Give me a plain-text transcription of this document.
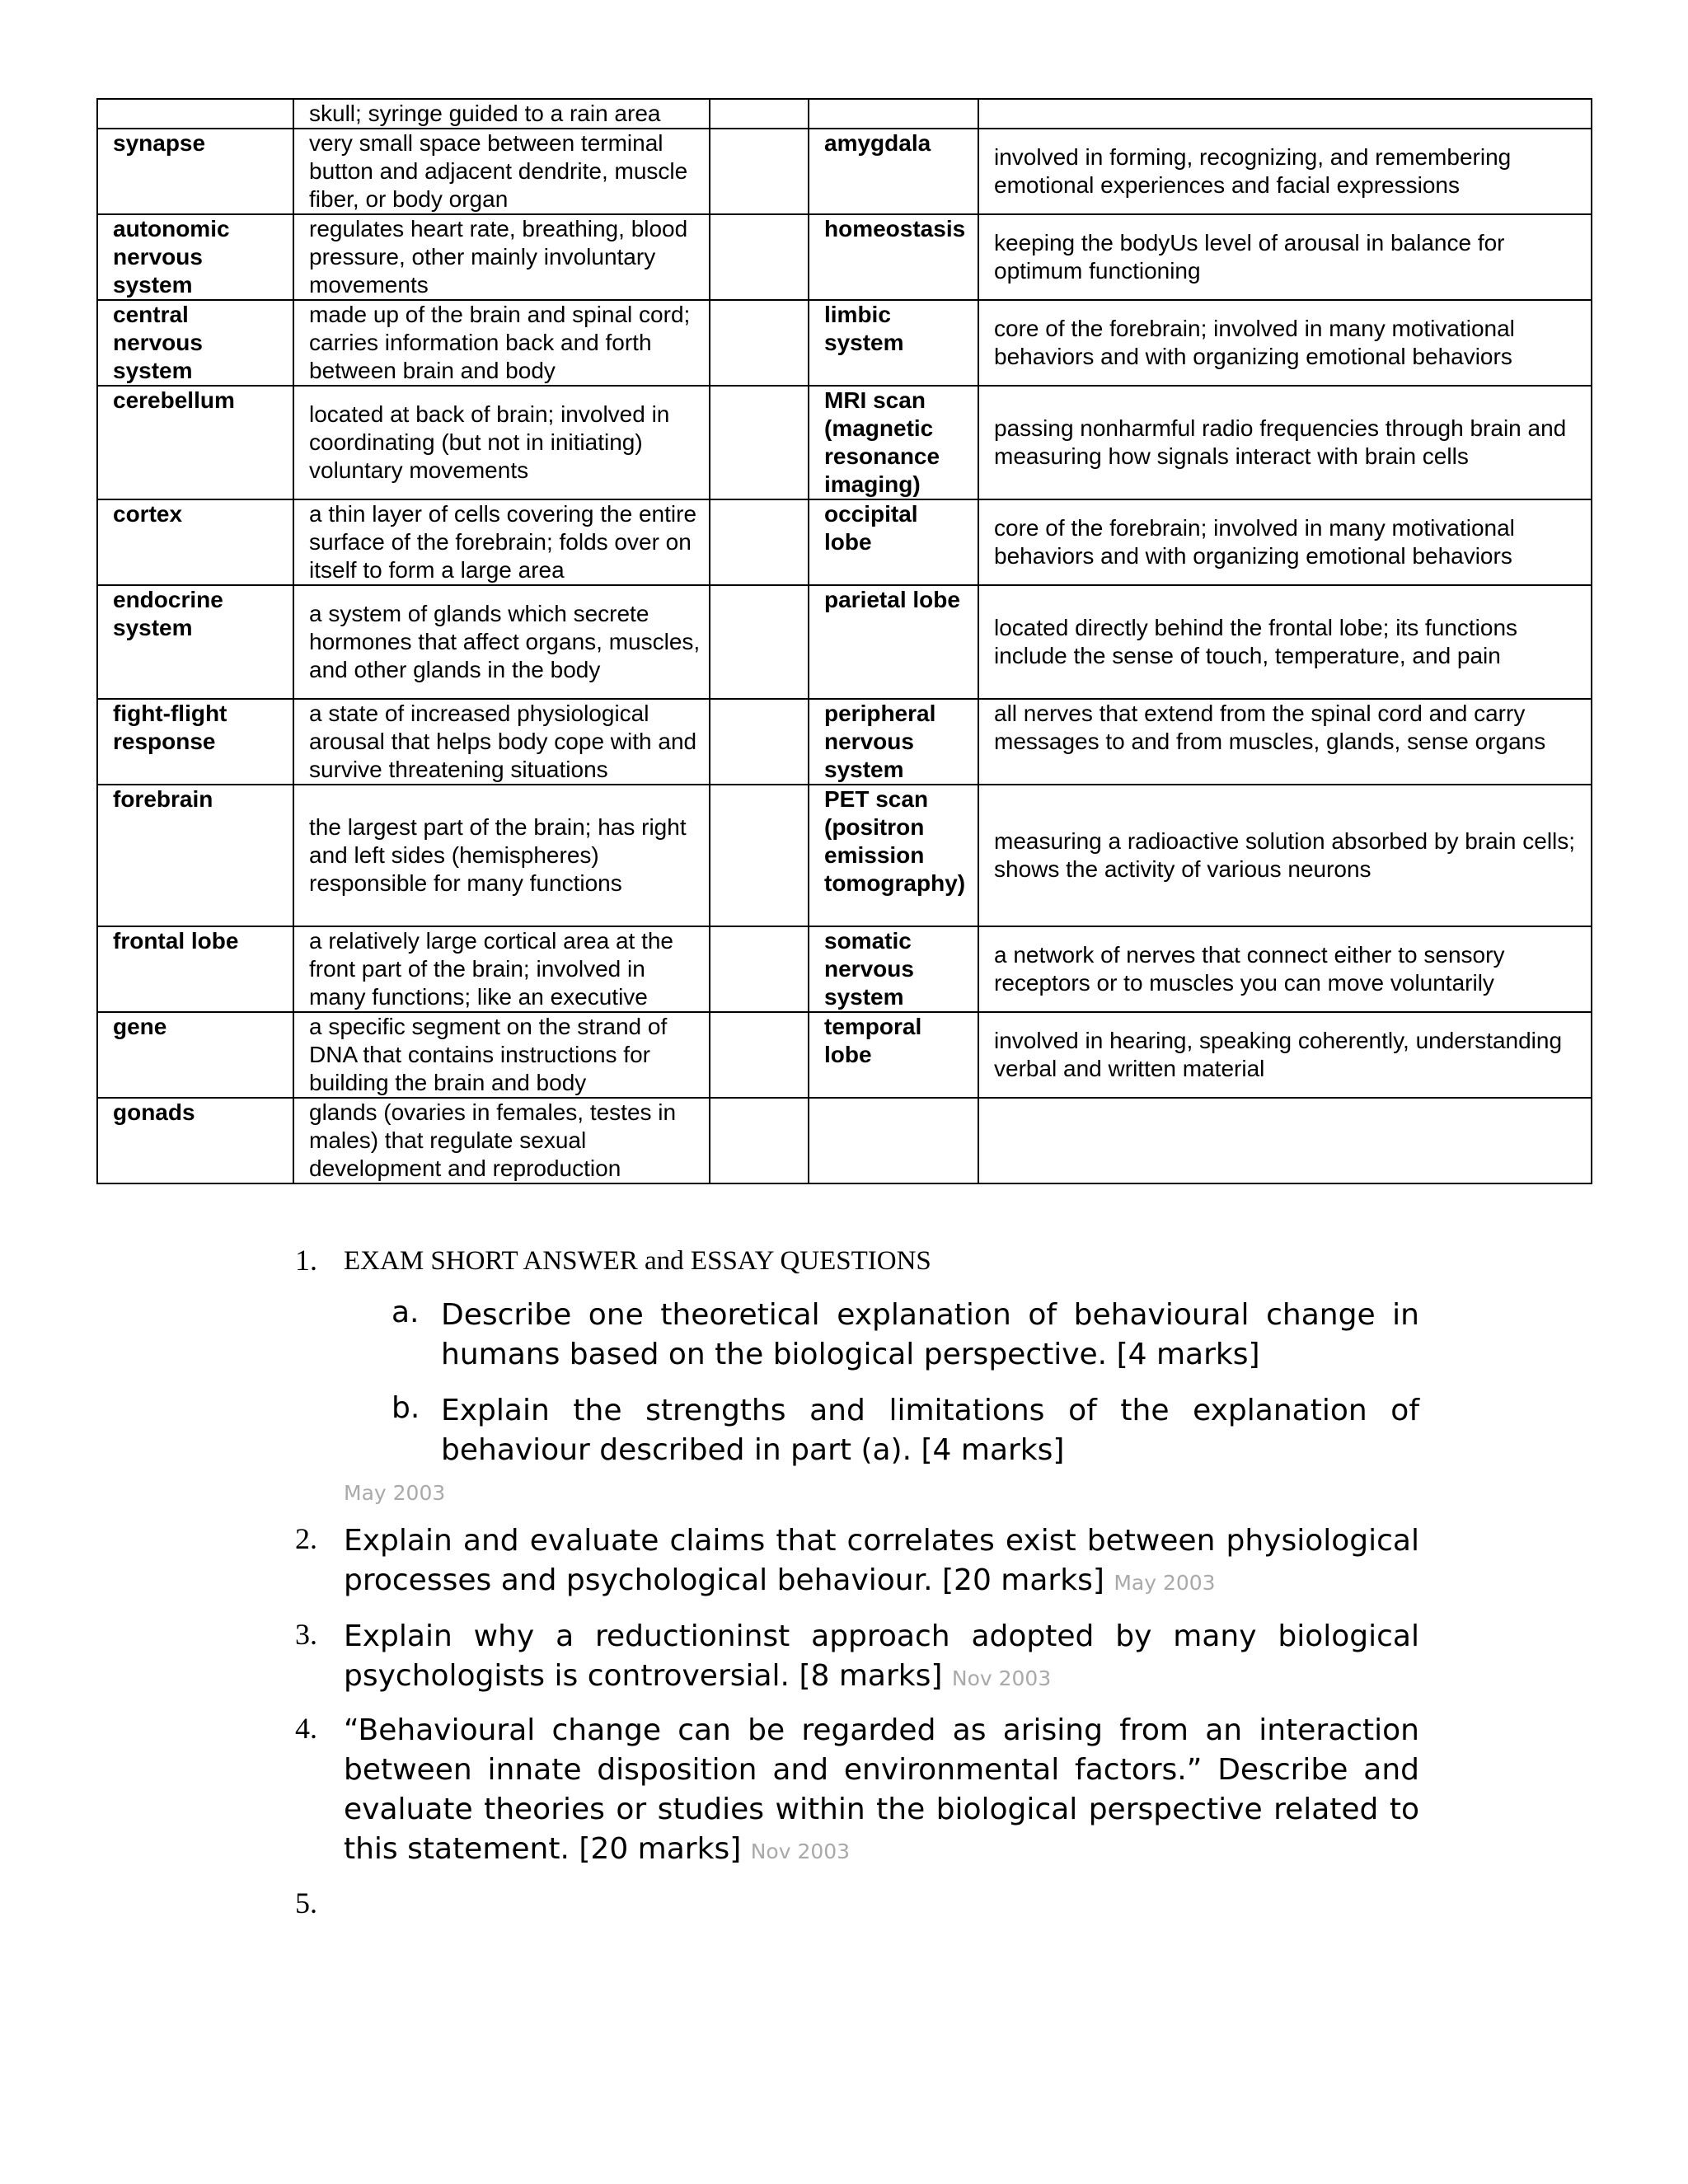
	skull; syringe guided to a rain area			
synapse	very small space between terminal button and adjacent dendrite, muscle fiber, or body organ		amygdala	involved in forming, recognizing, and remembering emotional experiences and facial expressions
autonomic nervous system	regulates heart rate, breathing, blood pressure, other mainly involuntary movements		homeostasis	keeping the bodyUs level of arousal in balance for optimum functioning
central nervous system	made up of the brain and spinal cord; carries information back and forth between brain and body		limbic system	core of the forebrain; involved in many motivational behaviors and with organizing emotional behaviors
cerebellum	located at back of brain; involved in coordinating (but not in initiating) voluntary movements		MRI scan (magnetic resonance imaging)	passing nonharmful radio frequencies through brain and measuring how signals interact with brain cells
cortex	a thin layer of cells covering the entire surface of the forebrain; folds over on itself to form a large area		occipital lobe	core of the forebrain; involved in many motivational behaviors and with organizing emotional behaviors
endocrine system	a system of glands which secrete hormones that affect organs, muscles, and other glands in the body		parietal lobe	located directly behind the frontal lobe; its functions include the sense of touch, temperature, and pain
fight-flight response	a state of increased physiological arousal that helps body cope with and survive threatening situations		peripheral nervous system	all nerves that extend from the spinal cord and carry messages to and from muscles, glands, sense organs
forebrain	the largest part of the brain; has right and left sides (hemispheres) responsible for many functions		PET scan (positron emission tomography)	measuring a radioactive solution absorbed by brain cells; shows the activity of various neurons
frontal lobe	a relatively large cortical area at the front part of the brain; involved in many functions; like an executive		somatic nervous system	a network of nerves that connect either to sensory receptors or to muscles you can move voluntarily
gene	a specific segment on the strand of DNA that contains instructions for building the brain and body		temporal lobe	involved in hearing, speaking coherently, understanding verbal and written material
gonads	glands (ovaries in females, testes in males) that regulate sexual development and reproduction			
1. EXAM SHORT ANSWER and ESSAY QUESTIONS
a. Describe one theoretical explanation of behavioural change in humans based on the biological perspective. [4 marks]
b. Explain the strengths and limitations of the explanation of behaviour described in part (a). [4 marks]
May 2003
2. Explain and evaluate claims that correlates exist between physiological processes and psychological behaviour. [20 marks] May 2003
3. Explain why a reductioninst approach adopted by many biological psychologists is controversial. [8 marks] Nov 2003
4. “Behavioural change can be regarded as arising from an interaction between innate disposition and environmental factors.” Describe and evaluate theories or studies within the biological perspective related to this statement. [20 marks] Nov 2003
5.
